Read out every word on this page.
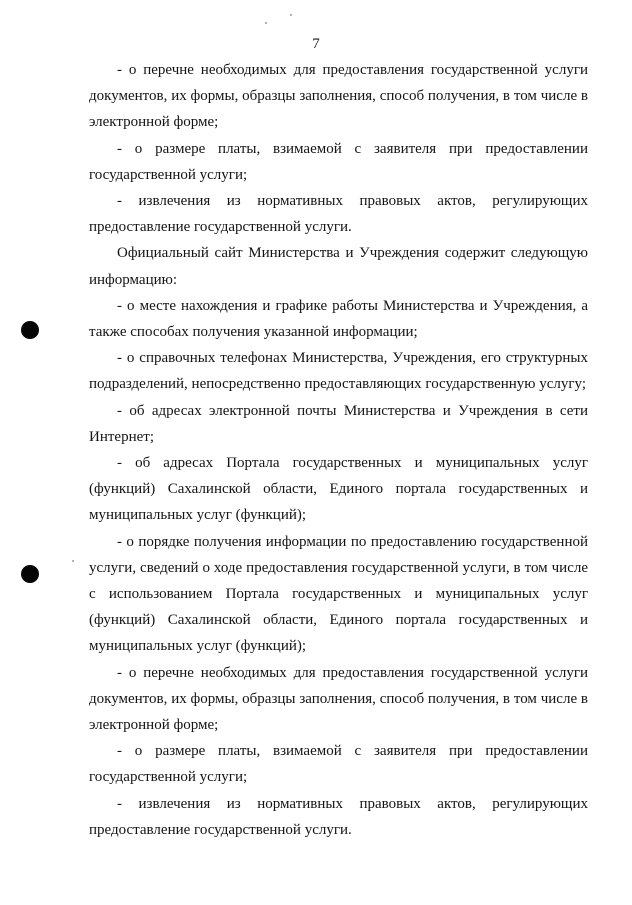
7

- о перечне необходимых для предоставления государственной услуги документов, их формы, образцы заполнения, способ получения, в том числе в электронной форме;

- о размере платы, взимаемой с заявителя при предоставлении государственной услуги;

- извлечения из нормативных правовых актов, регулирующих предоставление государственной услуги.

Официальный сайт Министерства и Учреждения содержит следующую информацию:

- о месте нахождения и графике работы Министерства и Учреждения, а также способах получения указанной информации;

- о справочных телефонах Министерства, Учреждения, его структурных подразделений, непосредственно предоставляющих государственную услугу;

- об адресах электронной почты Министерства и Учреждения в сети Интернет;

- об адресах Портала государственных и муниципальных услуг (функций) Сахалинской области, Единого портала государственных и муниципальных услуг (функций);

- о порядке получения информации по предоставлению государственной услуги, сведений о ходе предоставления государственной услуги, в том числе с использованием Портала государственных и муниципальных услуг (функций) Сахалинской области, Единого портала государственных и муниципальных услуг (функций);

- о перечне необходимых для предоставления государственной услуги документов, их формы, образцы заполнения, способ получения, в том числе в электронной форме;

- о размере платы, взимаемой с заявителя при предоставлении государственной услуги;

- извлечения из нормативных правовых актов, регулирующих предоставление государственной услуги.
